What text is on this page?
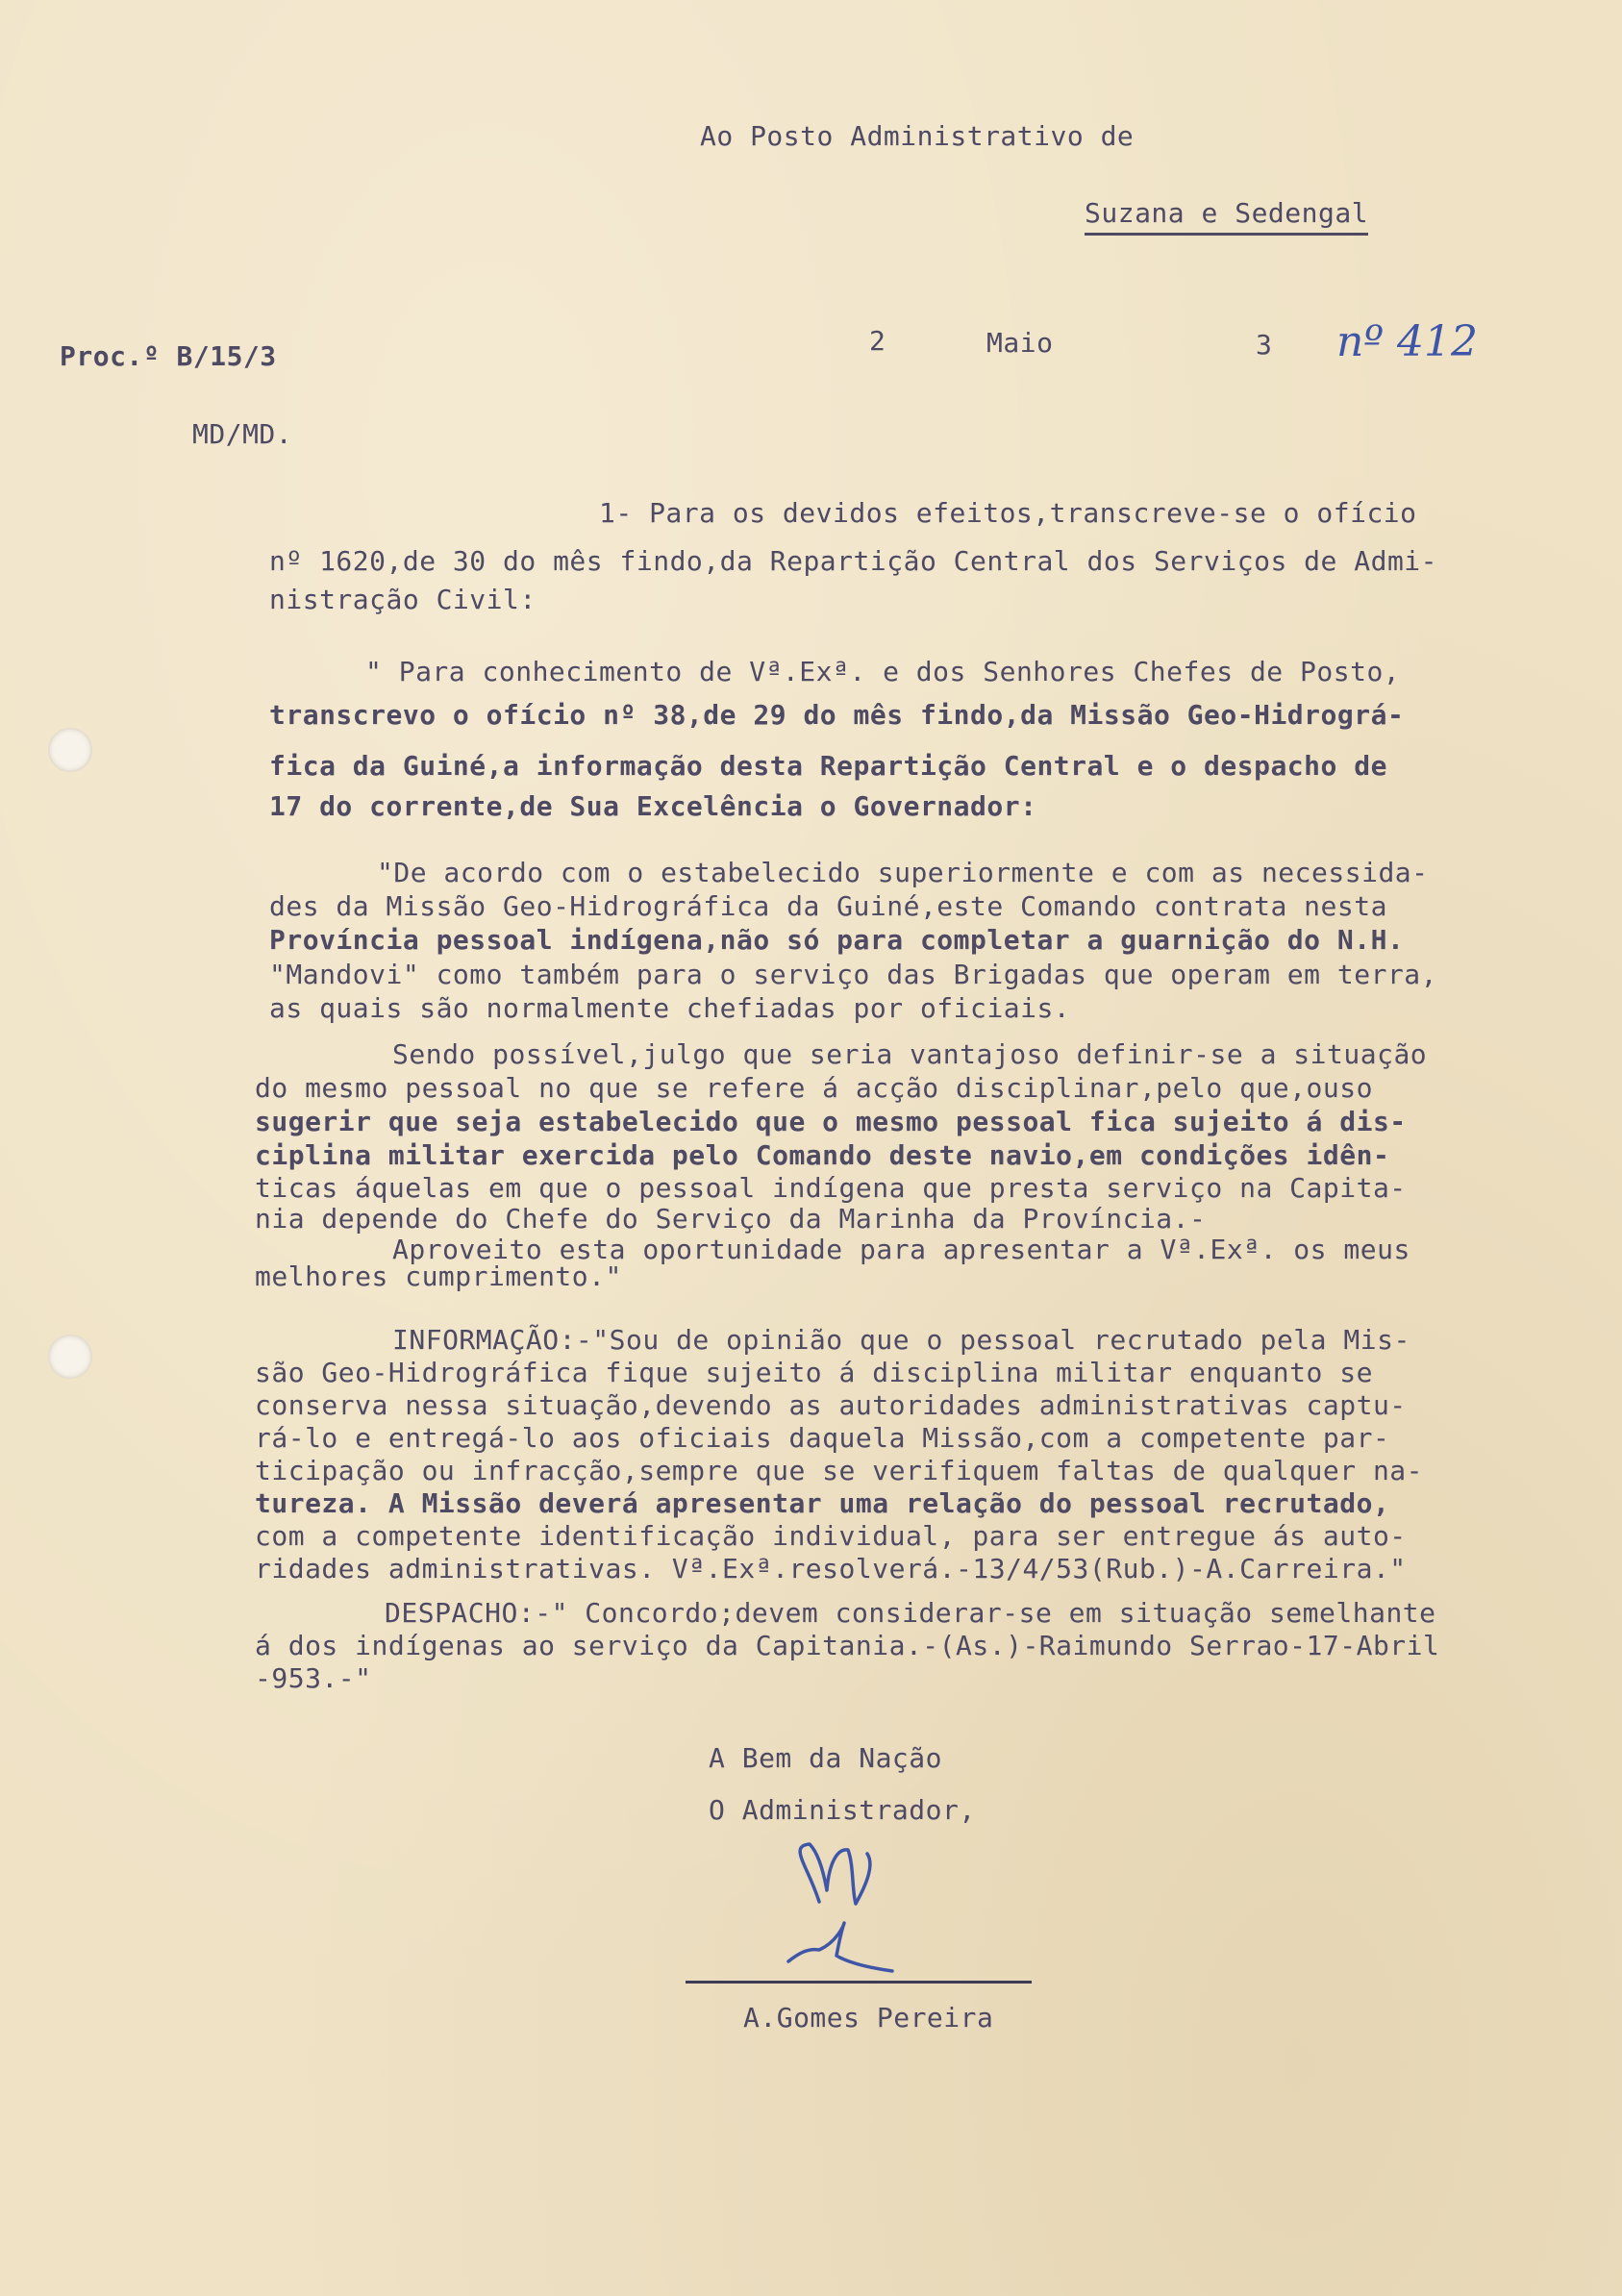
Ao Posto Administrativo de
Suzana e Sedengal
Proc.º B/15/3	2	Maio	3 nº 412
MD/MD.
1- Para os devidos efeitos,transcreve-se o ofício
nº 1620,de 30 do mês findo,da Repartição Central dos Serviços de Admi-
nistração Civil:
" Para conhecimento de Vª.Exª. e dos Senhores Chefes de Posto,
transcrevo o ofício nº 38,de 29 do mês findo,da Missão Geo-Hidrográ-
fica da Guiné,a informação desta Repartição Central e o despacho de
17 do corrente,de Sua Excelência o Governador:
"De acordo com o estabelecido superiormente e com as necessida-
des da Missão Geo-Hidrográfica da Guiné,este Comando contrata nesta
Província pessoal indígena,não só para completar a guarnição do N.H.
"Mandovi" como também para o serviço das Brigadas que operam em terra,
as quais são normalmente chefiadas por oficiais.
Sendo possível,julgo que seria vantajoso definir-se a situação
do mesmo pessoal no que se refere á acção disciplinar,pelo que,ouso
sugerir que seja estabelecido que o mesmo pessoal fica sujeito á dis-
ciplina militar exercida pelo Comando deste navio,em condições idên-
ticas áquelas em que o pessoal indígena que presta serviço na Capita-
nia depende do Chefe do Serviço da Marinha da Província.-
Aproveito esta oportunidade para apresentar a Vª.Exª. os meus
melhores cumprimento."
INFORMAÇÃO:-"Sou de opinião que o pessoal recrutado pela Mis-
são Geo-Hidrográfica fique sujeito á disciplina militar enquanto se
conserva nessa situação,devendo as autoridades administrativas captu-
rá-lo e entregá-lo aos oficiais daquela Missão,com a competente par-
ticipação ou infracção,sempre que se verifiquem faltas de qualquer na-
tureza. A Missão deverá apresentar uma relação do pessoal recrutado,
com a competente identificação individual, para ser entregue ás auto-
ridades administrativas. Vª.Exª.resolverá.-13/4/53(Rub.)-A.Carreira."
DESPACHO:-" Concordo;devem considerar-se em situação semelhante
á dos indígenas ao serviço da Capitania.-(As.)-Raimundo Serrao-17-Abril
-953.-"
A Bem da Nação
O Administrador,
A.Gomes Pereira
